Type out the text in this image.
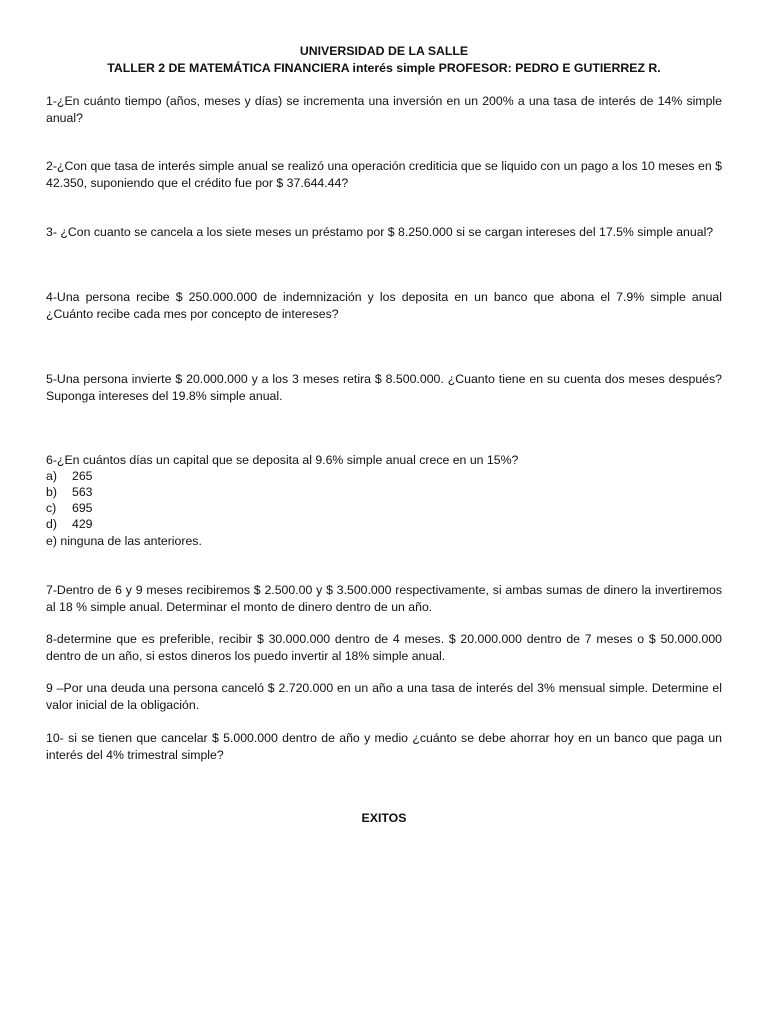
UNIVERSIDAD DE LA SALLE
TALLER 2 DE MATEMÁTICA FINANCIERA interés simple PROFESOR: PEDRO E GUTIERREZ R.
1-¿En cuánto tiempo (años, meses y días) se incrementa una inversión en un 200% a una tasa de interés de 14% simple anual?
2-¿Con que tasa de interés simple anual se realizó una operación crediticia que se liquido con un pago a los 10 meses en $ 42.350, suponiendo que el crédito fue por $ 37.644.44?
3- ¿Con cuanto se cancela a los siete meses un préstamo por $ 8.250.000 si se cargan intereses del 17.5% simple anual?
4-Una persona recibe $ 250.000.000 de indemnización y los deposita en un banco que abona el 7.9% simple anual ¿Cuánto recibe cada mes por concepto de intereses?
5-Una persona invierte $ 20.000.000 y a los 3 meses retira $ 8.500.000. ¿Cuanto tiene en su cuenta dos meses después? Suponga intereses del 19.8% simple anual.
6-¿En cuántos días un capital que se deposita al 9.6% simple anual crece en un 15%?
a) 265
b) 563
c) 695
d) 429
e) ninguna de las anteriores.
7-Dentro de 6 y 9 meses recibiremos $ 2.500.00 y $ 3.500.000 respectivamente, si ambas sumas de dinero la invertiremos al 18 % simple anual. Determinar el monto de dinero dentro de un año.
8-determine que es preferible, recibir $ 30.000.000 dentro de 4 meses. $ 20.000.000 dentro de 7 meses o $ 50.000.000 dentro de un año, si estos dineros los puedo invertir al 18% simple anual.
9 –Por una deuda una persona canceló $ 2.720.000 en un año a una tasa de interés del 3% mensual simple. Determine el valor inicial de la obligación.
10- si se tienen que cancelar $ 5.000.000 dentro de año y medio ¿cuánto se debe ahorrar hoy en un banco que paga un interés del 4% trimestral simple?
EXITOS
